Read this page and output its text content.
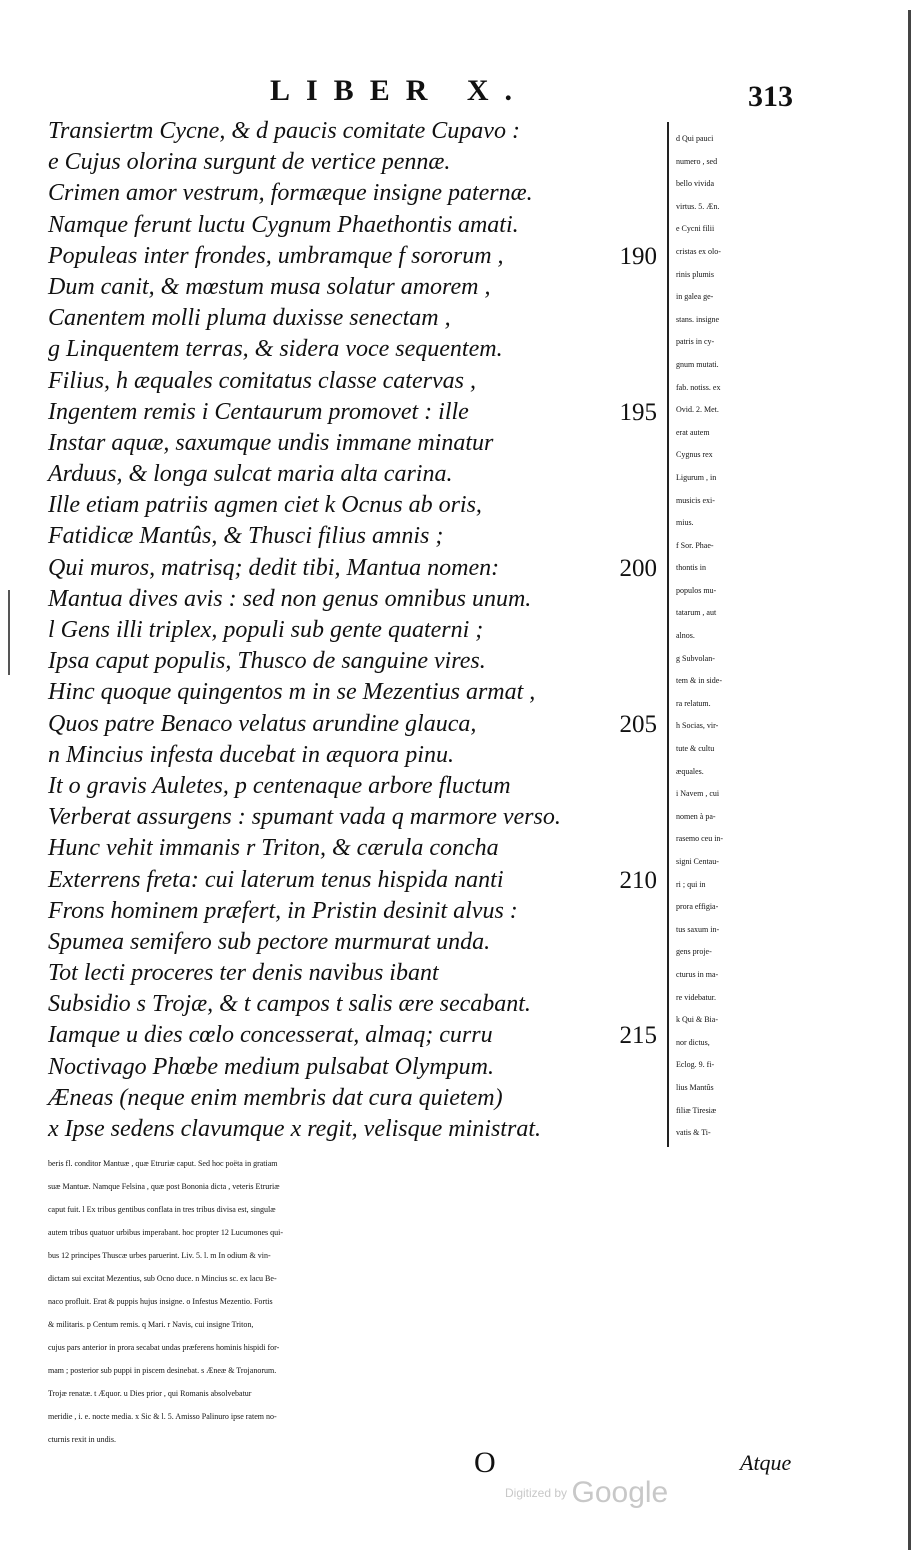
LIBER X.	313
Transiertm Cycne, & d paucis comitate Cupavo :
e Cujus olorina surgunt de vertice pennæ.
Crimen amor vestrum, formæque insigne paternæ.
Namque ferunt luctu Cygnum Phaethontis amati.
Populeas inter frondes, umbramque f sororum ,	190
Dum canit, & mœstum musa solatur amorem ,
Canentem molli pluma duxisse senectam ,
g Linquentem terras, & sidera voce sequentem.
Filius, h æquales comitatus classe catervas ,
Ingentem remis i Centaurum promovet : ille	195
Instar aquæ, saxumque undis immane minatur
Arduus, & longa sulcat maria alta carina.
Ille etiam patriis agmen ciet k Ocnus ab oris,
Fatidicæ Mantûs, & Thusci filius amnis ;
Qui muros, matrisq; dedit tibi, Mantua nomen:	200
Mantua dives avis : sed non genus omnibus unum.
l Gens illi triplex, populi sub gente quaterni ;
Ipsa caput populis, Thusco de sanguine vires.
Hinc quoque quingentos m in se Mezentius armat ,
Quos patre Benaco velatus arundine glauca,	205
n Mincius infesta ducebat in æquora pinu.
It o gravis Auletes, p centenaque arbore fluctum
Verberat assurgens : spumant vada q marmore verso.
Hunc vehit immanis r Triton, & cærula concha
Exterrens freta: cui laterum tenus hispida nanti	210
Frons hominem præfert, in Pristin desinit alvus :
Spumea semifero sub pectore murmurat unda.
Tot lecti proceres ter denis navibus ibant
Subsidio s Trojæ, & t campos t salis ære secabant.
Iamque u dies cœlo concesserat, almaq; curru	215
Noctivago Phœbe medium pulsabat Olympum.
Æneas (neque enim membris dat cura quietem)
x Ipse sedens clavumque x regit, velisque ministrat.
d Qui pauci
numero , sed
bello vivida
virtus. 5. Æn.
e Cycni filii
cristas ex olo-
rinis plumis
in galea ge-
stans. insigne
patris in cy-
gnum mutati.
fab. notiss. ex
Ovid. 2. Met.
erat autem
Cygnus rex
Ligurum , in
musicis exi-
mius.
f Sor. Phae-
thontis in
populos mu-
tatarum , aut
alnos.
g Subvolan-
tem & in side-
ra relatum.
h Socias, vir-
tute & cultu
æquales.
i Navem , cui
nomen à pa-
rasemo ceu in-
signi Centau-
ri ; qui in
prora effigia-
tus saxum in-
gens proje-
cturus in ma-
re videbatur.
k Qui & Bia-
nor dictus,
Eclog. 9. fi-
lius Mantûs
filiæ Tiresiæ
vatis & Ti-
beris fl. conditor Mantuæ , quæ Etruriæ caput. Sed hoc poëta in gratiam
suæ Mantuæ. Namque Felsina , quæ post Bononia dicta , veteris Etruriæ
caput fuit. l Ex tribus gentibus conflata in tres tribus divisa est, singulæ
autem tribus quatuor urbibus imperabant. hoc propter 12 Lucumones qui-
bus 12 principes Thuscæ urbes paruerint. Liv. 5. l. m In odium & vin-
dictam sui excitat Mezentius, sub Ocno duce. n Mincius sc. ex lacu Be-
naco profluit. Erat & puppis hujus insigne. o Infestus Mezentio. Fortis
& militaris. p Centum remis. q Mari. r Navis, cui insigne Triton,
cujus pars anterior in prora secabat undas præferens hominis hispidi for-
mam ; posterior sub puppi in piscem desinebat. s Æneæ & Trojanorum.
Trojæ renatæ. t Æquor. u Dies prior , qui Romanis absolvebatur
meridie , i. e. nocte media. x Sic & l. 5. Amisso Palinuro ipse ratem no-
cturnis rexit in undis.
O	Atque
Digitized by Google
